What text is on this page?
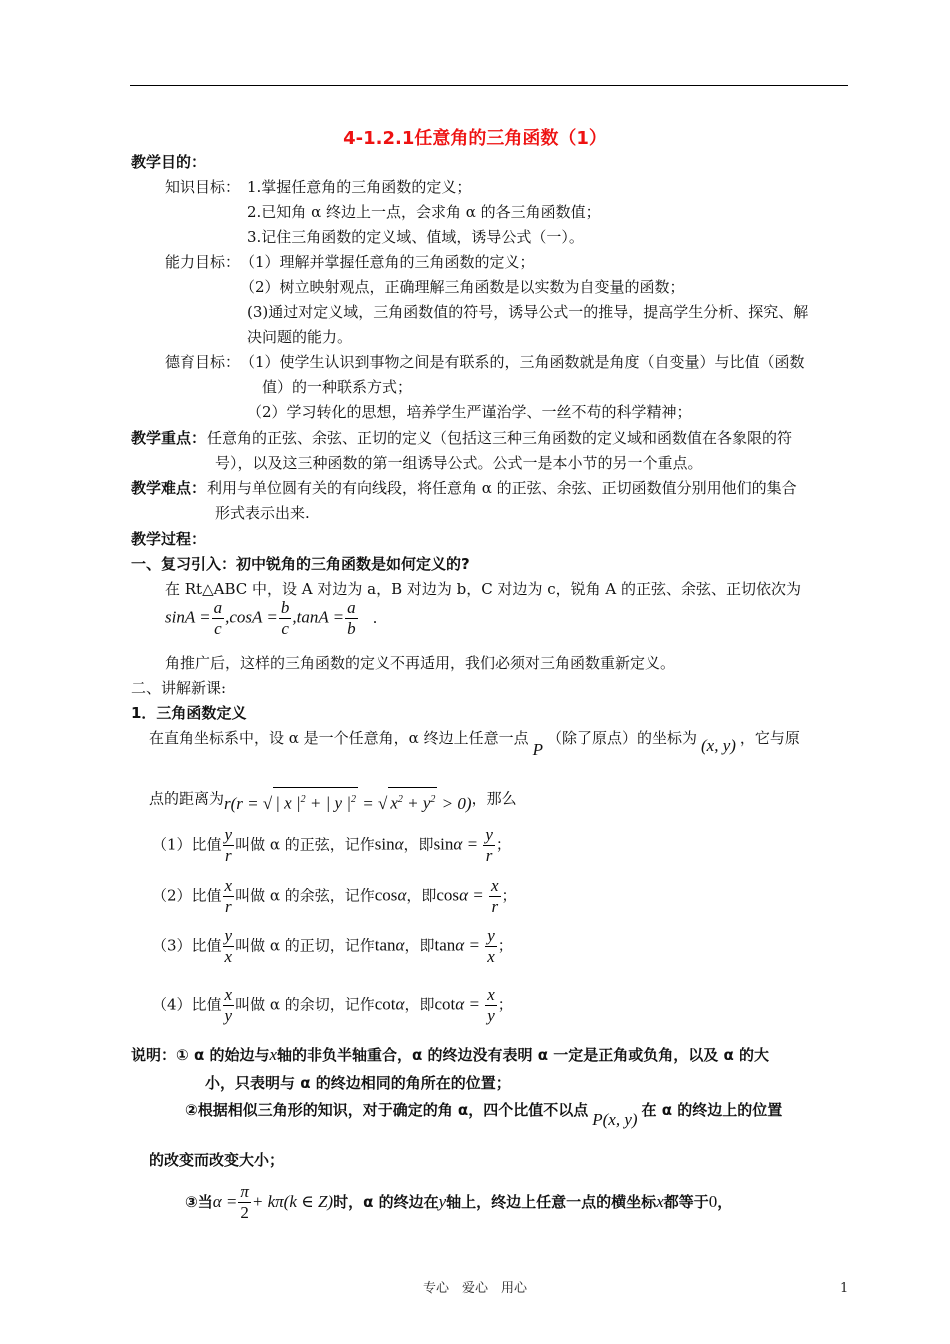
4-1.2.1任意角的三角函数（1）
教学目的：
知识目标： 1.掌握任意角的三角函数的定义；
2.已知角 α 终边上一点，会求角 α 的各三角函数值；
3.记住三角函数的定义域、值域，诱导公式（一）。
能力目标： （1）理解并掌握任意角的三角函数的定义；
（2）树立映射观点，正确理解三角函数是以实数为自变量的函数；
(3)通过对定义域，三角函数值的符号，诱导公式一的推导，提高学生分析、探究、解
决问题的能力。
德育目标： （1）使学生认识到事物之间是有联系的，三角函数就是角度（自变量）与比值（函数
值）的一种联系方式；
（2）学习转化的思想，培养学生严谨治学、一丝不苟的科学精神；
教学重点： 任意角的正弦、余弦、正切的定义（包括这三种三角函数的定义域和函数值在各象限的符
号），以及这三种函数的第一组诱导公式。公式一是本小节的另一个重点。
教学难点： 利用与单位圆有关的有向线段，将任意角 α 的正弦、余弦、正切函数值分别用他们的集合
形式表示出来.
教学过程：
一、复习引入：初中锐角的三角函数是如何定义的?
在 Rt△ABC 中，设 A 对边为 a，B 对边为 b，C 对边为 c，锐角 A 的正弦、余弦、正切依次为
$\sin A = \frac{a}{c} ,\cos A = \frac{b}{c} ,\tan A = \frac{a}{b}$ .
角推广后，这样的三角函数的定义不再适用，我们必须对三角函数重新定义。
二、讲解新课:
1．三角函数定义
在直角坐标系中，设 α 是一个任意角，α 终边上任意一点P（除了原点）的坐标为 (x, y) ，它与原
点的距离为r(r = √ | x $|^2$ + | y $|^2$ = √ $x^2 + y^2 > 0$)，那么
（1）比值 $\frac{y}{r}$ 叫做 α 的正弦，记作sinα，即$\sin\alpha = \frac{y}{r}$ ；
（2）比值 $\frac{x}{r}$ 叫做 α 的余弦，记作cosα，即$\cos\alpha = \frac{x}{r}$ ；
（3）比值 $\frac{y}{x}$ 叫做 α 的正切，记作tanα，即$\tan\alpha = \frac{y}{x}$ ；
（4）比值 $\frac{x}{y}$ 叫做 α 的余切，记作cotα，即$\cot\alpha = \frac{x}{y}$ ；
说明：① α 的始边与x轴的非负半轴重合，α 的终边没有表明 α 一定是正角或负角，以及 α 的大
小，只表明与 α 的终边相同的角所在的位置；
②根据相似三角形的知识，对于确定的角 α，四个比值不以点 P(x, y) 在 α 的终边上的位置
的改变而改变大小；
③当$\alpha = \frac{\pi}{2} + k\pi(k$ ∈ Z)时，α 的终边在y轴上，终边上任意一点的横坐标x都等于0，
专心　爱心　用心	1
